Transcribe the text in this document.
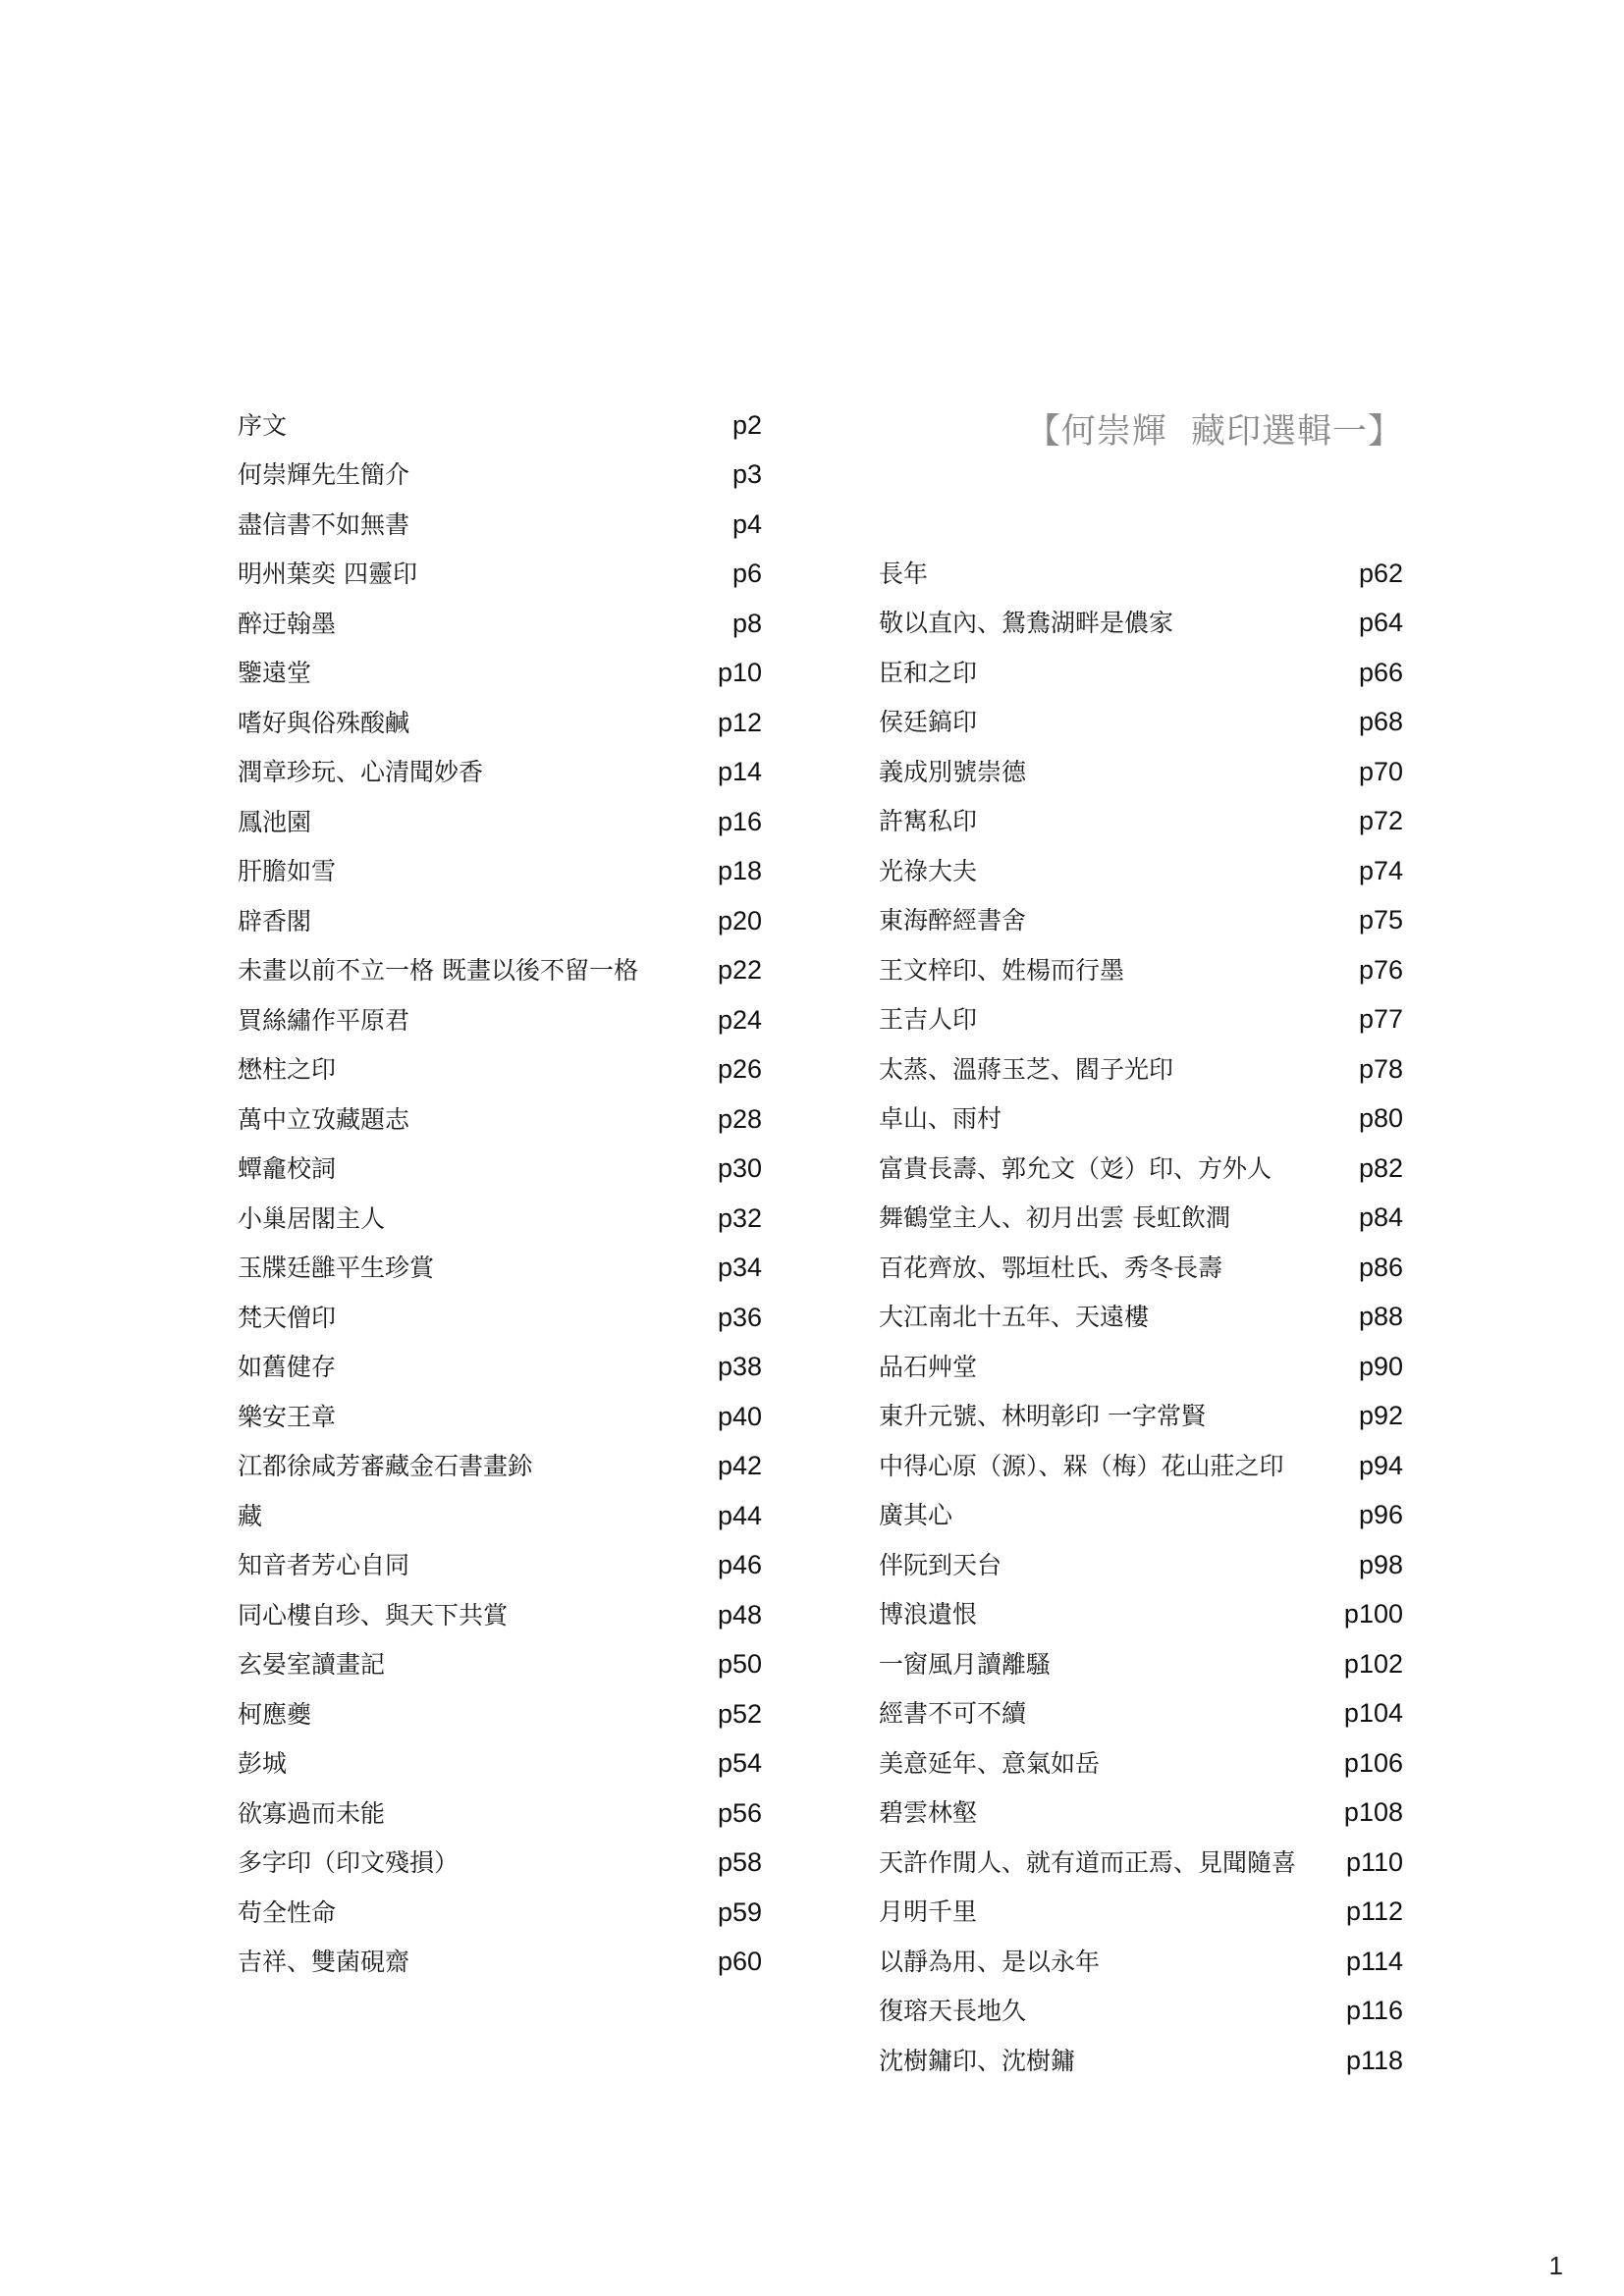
【何崇輝  藏印選輯一】
序文	p2
何崇輝先生簡介	p3
盡信書不如無書	p4
明州葉奕 四靈印	p6
醉迂翰墨	p8
鑒遠堂	p10
嗜好與俗殊酸鹹	p12
潤章珍玩、心清聞妙香	p14
鳳池園	p16
肝膽如雪	p18
辟香閣	p20
未畫以前不立一格 既畫以後不留一格	p22
買絲繡作平原君	p24
懋柱之印	p26
萬中立攷藏題志	p28
蟫龕校詞	p30
小巢居閣主人	p32
玉牒廷雝平生珍賞	p34
梵天僧印	p36
如舊健存	p38
樂安王章	p40
江都徐咸芳審藏金石書畫鉩	p42
藏	p44
知音者芳心自同	p46
同心樓自珍、與天下共賞	p48
玄晏室讀畫記	p50
柯應夔	p52
彭城	p54
欲寡過而未能	p56
多字印（印文殘損）	p58
苟全性命	p59
吉祥、雙菌硯齋	p60
長年	p62
敬以直內、鴛鴦湖畔是儂家	p64
臣和之印	p66
侯廷鎬印	p68
義成別號崇德	p70
許寯私印	p72
光祿大夫	p74
東海醉經書舍	p75
王文梓印、姓楊而行墨	p76
王吉人印	p77
太蒸、溫蔣玉芝、閻子光印	p78
卓山、雨村	p80
富貴長壽、郭允文（彣）印、方外人	p82
舞鶴堂主人、初月出雲 長虹飲澗	p84
百花齊放、鄂垣杜氏、秀冬長壽	p86
大江南北十五年、天遠樓	p88
品石艸堂	p90
東升元號、林明彰印 一字常賢	p92
中得心原（源）、槑（梅）花山莊之印	p94
廣其心	p96
伴阮到天台	p98
博浪遺恨	p100
一窗風月讀離騷	p102
經書不可不續	p104
美意延年、意氣如岳	p106
碧雲林壑	p108
天許作閒人、就有道而正焉、見聞隨喜 p110
月明千里	p112
以靜為用、是以永年	p114
復瑢天長地久	p116
沈樹鏞印、沈樹鏞	p118
1
